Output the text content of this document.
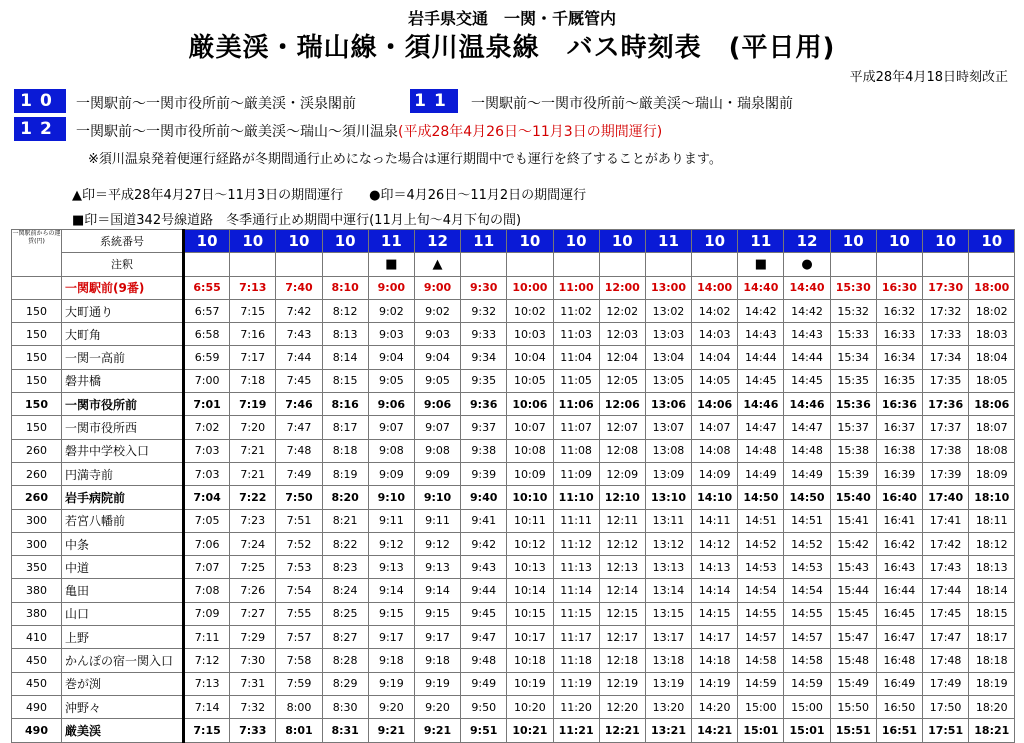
岩手県交通　一関・千厩管内
厳美渓・瑞山線・須川温泉線　バス時刻表　(平日用)
平成28年4月18日時刻改正
10	一関駅前～一関市役所前～厳美渓・渓泉閣前	11 一関駅前～一関市役所前～厳美渓～瑞山・瑞泉閣前
12	一関駅前～一関市役所前～厳美渓～瑞山～須川温泉(平成28年4月26日～11月3日の期間運行)
※須川温泉発着便運行経路が冬期間通行止めになった場合は運行期間中でも運行を終了することがあります。
▲印＝平成28年4月27日～11月3日の期間運行　　●印＝4月26日～11月2日の期間運行
■印＝国道342号線道路　冬季通行止め期間中運行(11月上旬～4月下旬の間)
一関駅前からの運賃(円)	系統番号	10	10	10	10	11	12	11	10	10	10	11	10	11	12	10	10	10	10
	注釈					■	▲							■	●				
	一関駅前(9番)	6:55	7:13	7:40	8:10	9:00	9:00	9:30	10:00	11:00	12:00	13:00	14:00	14:40	14:40	15:30	16:30	17:30	18:00
150	大町通り	6:57	7:15	7:42	8:12	9:02	9:02	9:32	10:02	11:02	12:02	13:02	14:02	14:42	14:42	15:32	16:32	17:32	18:02
150	大町角	6:58	7:16	7:43	8:13	9:03	9:03	9:33	10:03	11:03	12:03	13:03	14:03	14:43	14:43	15:33	16:33	17:33	18:03
150	一関一高前	6:59	7:17	7:44	8:14	9:04	9:04	9:34	10:04	11:04	12:04	13:04	14:04	14:44	14:44	15:34	16:34	17:34	18:04
150	磐井橋	7:00	7:18	7:45	8:15	9:05	9:05	9:35	10:05	11:05	12:05	13:05	14:05	14:45	14:45	15:35	16:35	17:35	18:05
150	一関市役所前	7:01	7:19	7:46	8:16	9:06	9:06	9:36	10:06	11:06	12:06	13:06	14:06	14:46	14:46	15:36	16:36	17:36	18:06
150	一関市役所西	7:02	7:20	7:47	8:17	9:07	9:07	9:37	10:07	11:07	12:07	13:07	14:07	14:47	14:47	15:37	16:37	17:37	18:07
260	磐井中学校入口	7:03	7:21	7:48	8:18	9:08	9:08	9:38	10:08	11:08	12:08	13:08	14:08	14:48	14:48	15:38	16:38	17:38	18:08
260	円満寺前	7:03	7:21	7:49	8:19	9:09	9:09	9:39	10:09	11:09	12:09	13:09	14:09	14:49	14:49	15:39	16:39	17:39	18:09
260	岩手病院前	7:04	7:22	7:50	8:20	9:10	9:10	9:40	10:10	11:10	12:10	13:10	14:10	14:50	14:50	15:40	16:40	17:40	18:10
300	若宮八幡前	7:05	7:23	7:51	8:21	9:11	9:11	9:41	10:11	11:11	12:11	13:11	14:11	14:51	14:51	15:41	16:41	17:41	18:11
300	中条	7:06	7:24	7:52	8:22	9:12	9:12	9:42	10:12	11:12	12:12	13:12	14:12	14:52	14:52	15:42	16:42	17:42	18:12
350	中道	7:07	7:25	7:53	8:23	9:13	9:13	9:43	10:13	11:13	12:13	13:13	14:13	14:53	14:53	15:43	16:43	17:43	18:13
380	亀田	7:08	7:26	7:54	8:24	9:14	9:14	9:44	10:14	11:14	12:14	13:14	14:14	14:54	14:54	15:44	16:44	17:44	18:14
380	山口	7:09	7:27	7:55	8:25	9:15	9:15	9:45	10:15	11:15	12:15	13:15	14:15	14:55	14:55	15:45	16:45	17:45	18:15
410	上野	7:11	7:29	7:57	8:27	9:17	9:17	9:47	10:17	11:17	12:17	13:17	14:17	14:57	14:57	15:47	16:47	17:47	18:17
450	かんぽの宿一関入口	7:12	7:30	7:58	8:28	9:18	9:18	9:48	10:18	11:18	12:18	13:18	14:18	14:58	14:58	15:48	16:48	17:48	18:18
450	巻が渕	7:13	7:31	7:59	8:29	9:19	9:19	9:49	10:19	11:19	12:19	13:19	14:19	14:59	14:59	15:49	16:49	17:49	18:19
490	沖野々	7:14	7:32	8:00	8:30	9:20	9:20	9:50	10:20	11:20	12:20	13:20	14:20	15:00	15:00	15:50	16:50	17:50	18:20
490	厳美渓	7:15	7:33	8:01	8:31	9:21	9:21	9:51	10:21	11:21	12:21	13:21	14:21	15:01	15:01	15:51	16:51	17:51	18:21
